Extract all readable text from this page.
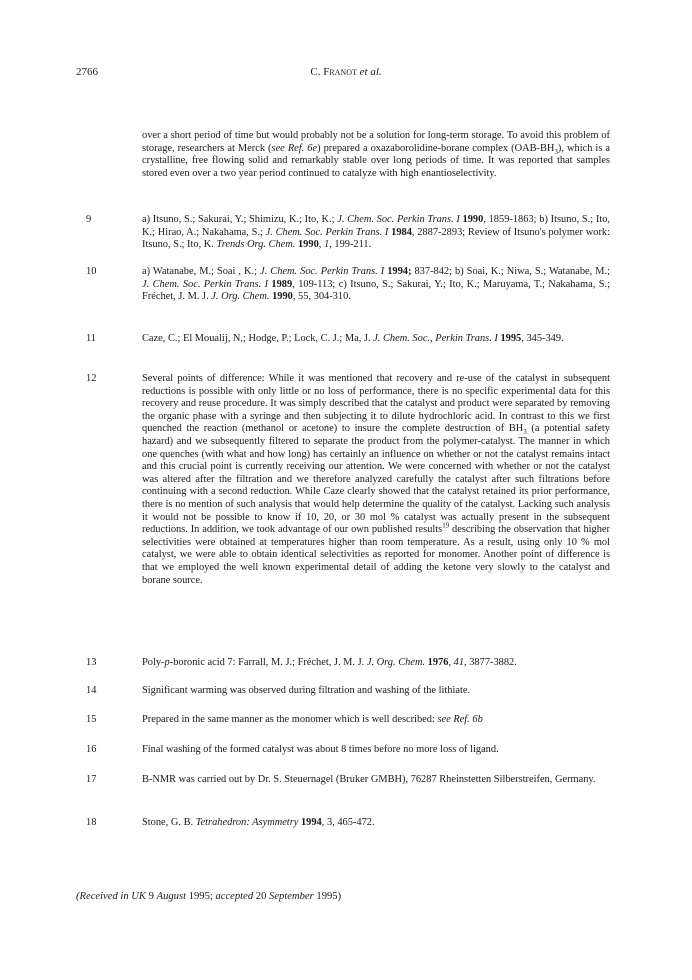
2766	C. Franot et al.
over a short period of time but would probably not be a solution for long-term storage. To avoid this problem of storage, researchers at Merck (see Ref. 6e) prepared a oxazaborolidine-borane complex $(OAB-BH_3)$, which is a crystalline, free flowing solid and remarkably stable over long periods of time. It was reported that samples stored even over a two year period continued to catalyze with high enantioselectivity.
9	a) Itsuno, S.; Sakurai, Y.; Shimizu, K.; Ito, K.; J. Chem. Soc. Perkin Trans. I 1990, 1859-1863; b) Itsuno, S.; Ito, K.; Hirao, A.; Nakahama, S.; J. Chem. Soc. Perkin Trans. I 1984, 2887-2893; Review of Itsuno's polymer work: Itsuno, S.; Ito, K. Trends Org. Chem. 1990, 1, 199-211.
10	a) Watanabe, M.; Soai , K.; J. Chem. Soc. Perkin Trans. I 1994; 837-842; b) Soai, K.; Niwa, S.; Watanabe, M.; J. Chem. Soc. Perkin Trans. I 1989, 109-113; c) Itsuno, S.; Sakurai, Y.; Ito, K.; Maruyama, T.; Nakahama, S.; Fréchet, J. M. J. J. Org. Chem. 1990, 55, 304-310.
11	Caze, C.; El Moualij, N,; Hodge, P.; Lock, C. J.; Ma, J. J. Chem. Soc., Perkin Trans. I 1995, 345-349.
12	Several points of difference: While it was mentioned that recovery and re-use of the catalyst in subsequent reductions is possible with only little or no loss of performance, there is no specific experimental data for this recovery and reuse procedure. It was simply described that the catalyst and product were separated by removing the organic phase with a syringe and then subjecting it to dilute hydrochloric acid. In contrast to this we first quenched the reaction (methanol or acetone) to insure the complete destruction of $BH_3$ (a potential safety hazard) and we subsequently filtered to separate the product from the polymer-catalyst. The manner in which one quenches (with what and how long) has certainly an influence on whether or not the catalyst remains intact and this crucial point is currently receiving our attention. We were concerned with whether or not the catalyst was altered after the filtration and we therefore analyzed carefully the catalyst after such filtrations before continuing with a second reduction. While Caze clearly showed that the catalyst retained its prior performance, there is no mention of such analysis that would help determine the quality of the catalyst. Lacking such analysis it would not be possible to know if 10, 20, or 30 mol % catalyst was actually present in the subsequent reductions. In addition, we took advantage of our own published results$^{19}$ describing the observation that higher selectivities were obtained at temperatures higher than room temperature. As a result, using only 10 % mol catalyst, we were able to obtain identical selectivities as reported for monomer. Another point of difference is that we employed the well known experimental detail of adding the ketone very slowly to the catalyst and borane source.
13	Poly-p-boronic acid 7: Farrall, M. J.; Fréchet, J. M. J. J. Org. Chem. 1976, 41, 3877-3882.
14	Significant warming was observed during filtration and washing of the lithiate.
15	Prepared in the same manner as the monomer which is well described: see Ref. 6b
16	Final washing of the formed catalyst was about 8 times before no more loss of ligand.
17	B-NMR was carried out by Dr. S. Steuernagel (Bruker GMBH), 76287 Rheinstetten Silberstreifen, Germany.
18	Stone, G. B. Tetrahedron: Asymmetry 1994, 3, 465-472.
(Received in UK 9 August 1995; accepted 20 September 1995)
